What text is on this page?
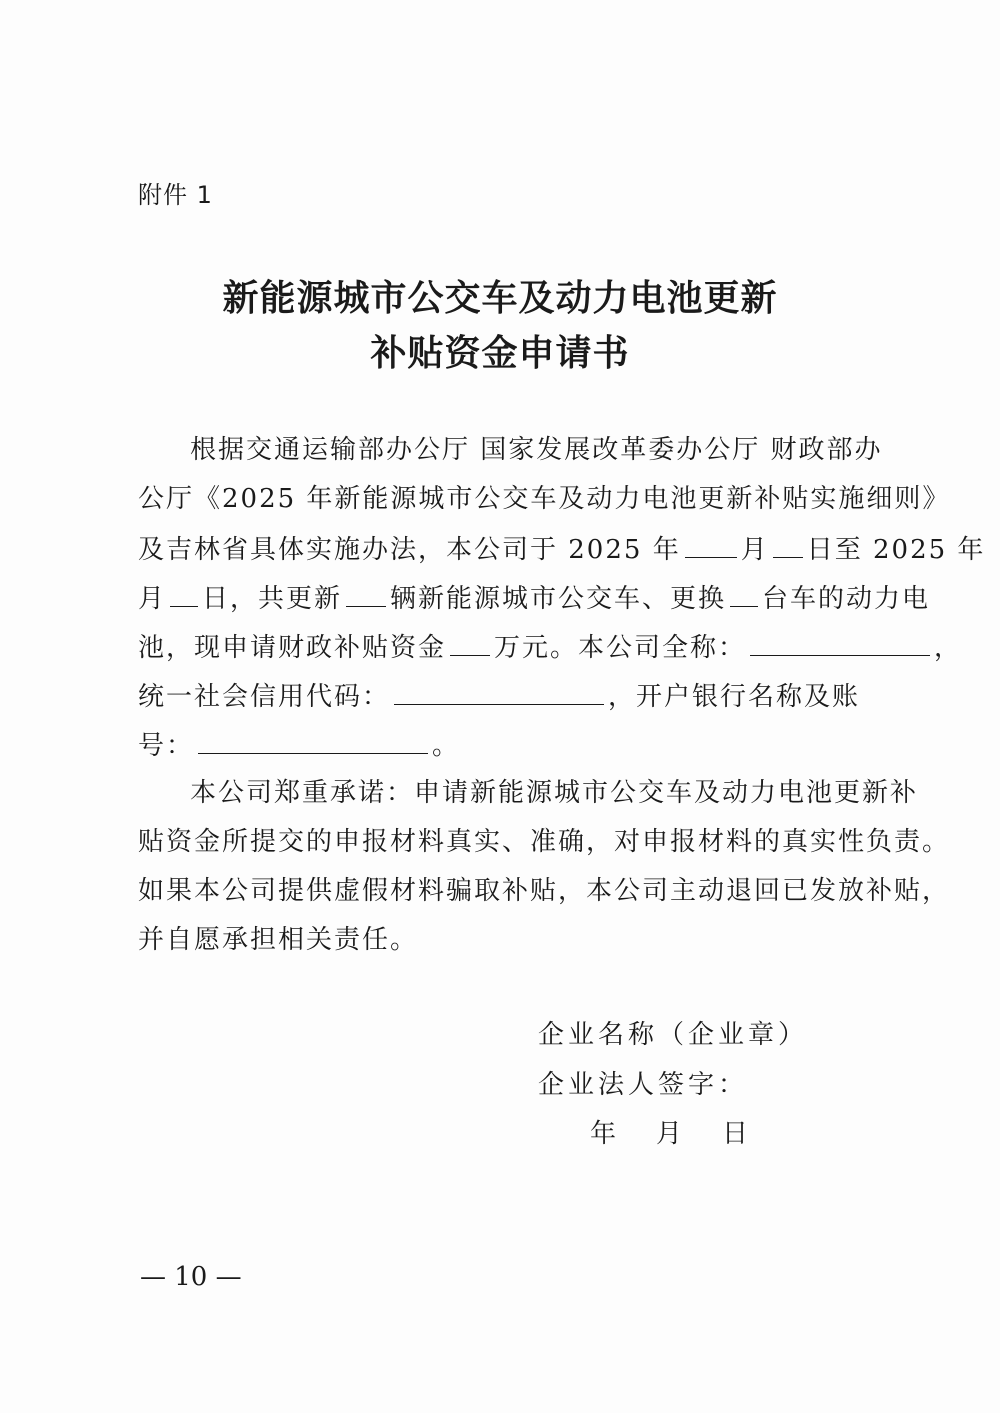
附件 1
新能源城市公交车及动力电池更新
补贴资金申请书
根据交通运输部办公厅 国家发展改革委办公厅 财政部办
公厅《2025 年新能源城市公交车及动力电池更新补贴实施细则》
及吉林省具体实施办法，本公司于 2025 年 月 日至 2025 年
月 日，共更新 辆新能源城市公交车、更换 台车的动力电
池，现申请财政补贴资金 万元。本公司全称：	，
统一社会信用代码：	，开户银行名称及账
号：	。
本公司郑重承诺：申请新能源城市公交车及动力电池更新补
贴资金所提交的申报材料真实、准确，对申报材料的真实性负责。
如果本公司提供虚假材料骗取补贴，本公司主动退回已发放补贴，
并自愿承担相关责任。
企业名称（企业章）
企业法人签字：
年 月 日
— 10 —
